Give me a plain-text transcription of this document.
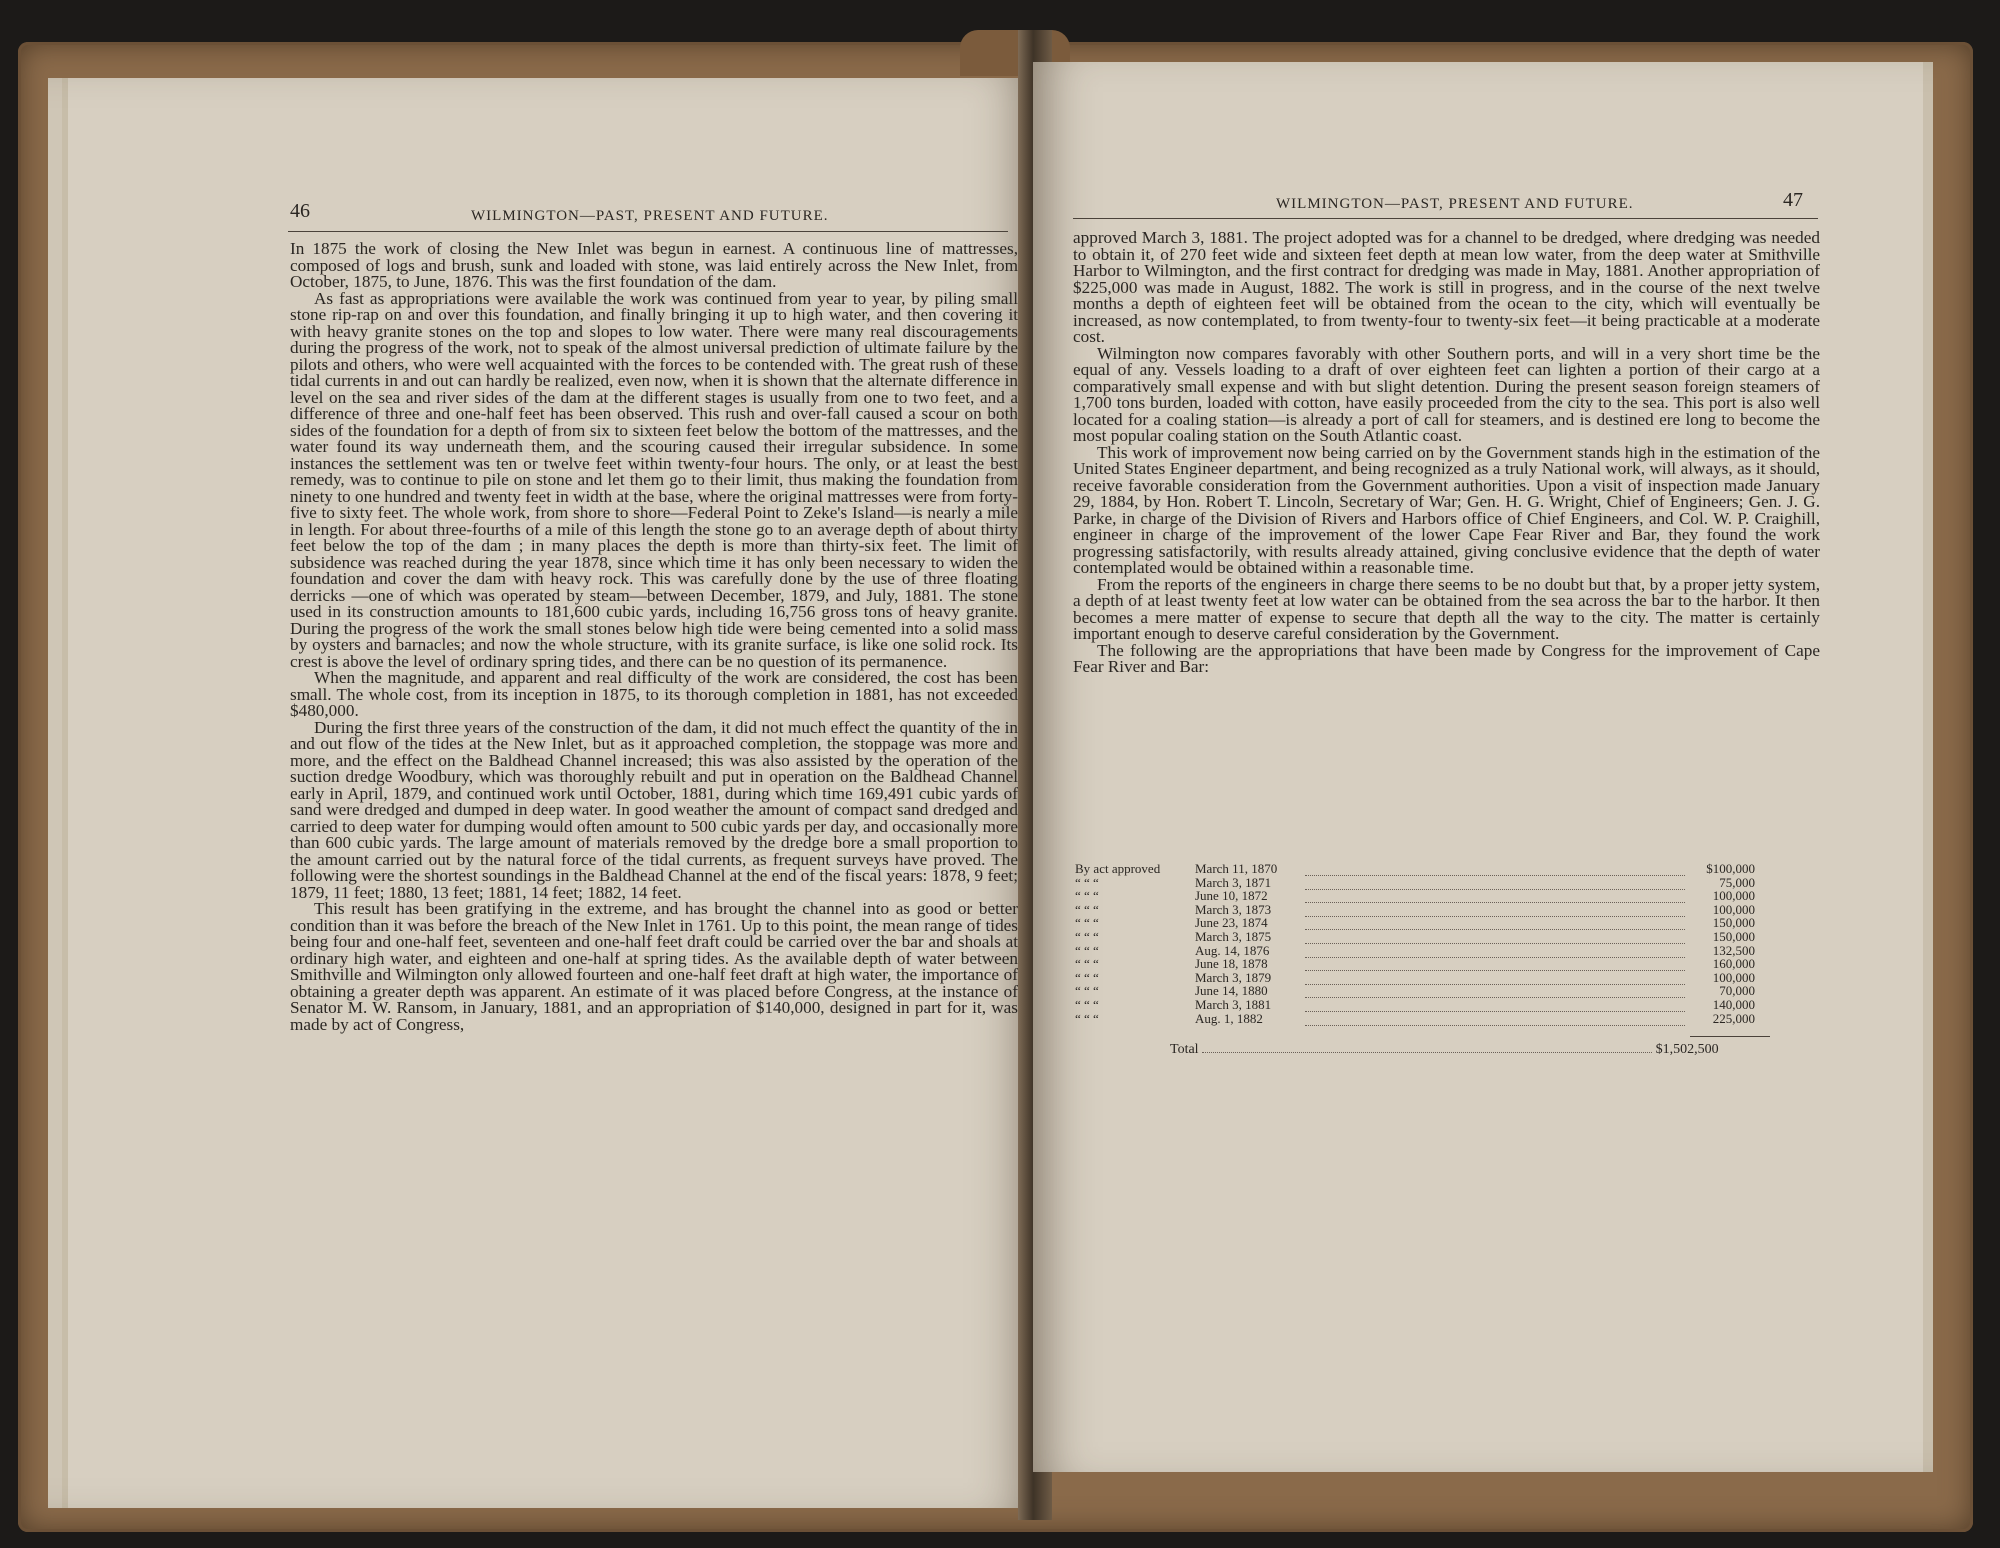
46	WILMINGTON—PAST, PRESENT AND FUTURE.

In 1875 the work of closing the New Inlet was begun in earnest. A continuous line of mattresses, composed of logs and brush, sunk and loaded with stone, was laid entirely across the New Inlet, from October, 1875, to June, 1876. This was the first foundation of the dam.

As fast as appropriations were available the work was continued from year to year, by piling small stone rip-rap on and over this foundation, and finally bringing it up to high water, and then covering it with heavy granite stones on the top and slopes to low water. There were many real discouragements during the progress of the work, not to speak of the almost universal prediction of ultimate failure by the pilots and others, who were well acquainted with the forces to be contended with. The great rush of these tidal currents in and out can hardly be realized, even now, when it is shown that the alternate difference in level on the sea and river sides of the dam at the different stages is usually from one to two feet, and a difference of three and one-half feet has been observed. This rush and over-fall caused a scour on both sides of the foundation for a depth of from six to sixteen feet below the bottom of the mattresses, and the water found its way underneath them, and the scouring caused their irregular subsidence. In some instances the settlement was ten or twelve feet within twenty-four hours. The only, or at least the best remedy, was to continue to pile on stone and let them go to their limit, thus making the foundation from ninety to one hundred and twenty feet in width at the base, where the original mattresses were from forty-five to sixty feet. The whole work, from shore to shore—Federal Point to Zeke's Island—is nearly a mile in length. For about three-fourths of a mile of this length the stone go to an average depth of about thirty feet below the top of the dam ; in many places the depth is more than thirty-six feet. The limit of subsidence was reached during the year 1878, since which time it has only been necessary to widen the foundation and cover the dam with heavy rock. This was carefully done by the use of three floating derricks —one of which was operated by steam—between December, 1879, and July, 1881. The stone used in its construction amounts to 181,600 cubic yards, including 16,756 gross tons of heavy granite. During the progress of the work the small stones below high tide were being cemented into a solid mass by oysters and barnacles; and now the whole structure, with its granite surface, is like one solid rock. Its crest is above the level of ordinary spring tides, and there can be no question of its permanence.

When the magnitude, and apparent and real difficulty of the work are considered, the cost has been small. The whole cost, from its inception in 1875, to its thorough completion in 1881, has not exceeded $480,000.

During the first three years of the construction of the dam, it did not much effect the quantity of the in and out flow of the tides at the New Inlet, but as it approached completion, the stoppage was more and more, and the effect on the Baldhead Channel increased; this was also assisted by the operation of the suction dredge Woodbury, which was thoroughly rebuilt and put in operation on the Baldhead Channel early in April, 1879, and continued work until October, 1881, during which time 169,491 cubic yards of sand were dredged and dumped in deep water. In good weather the amount of compact sand dredged and carried to deep water for dumping would often amount to 500 cubic yards per day, and occasionally more than 600 cubic yards. The large amount of materials removed by the dredge bore a small proportion to the amount carried out by the natural force of the tidal currents, as frequent surveys have proved. The following were the shortest soundings in the Baldhead Channel at the end of the fiscal years: 1878, 9 feet; 1879, 11 feet; 1880, 13 feet; 1881, 14 feet; 1882, 14 feet.

This result has been gratifying in the extreme, and has brought the channel into as good or better condition than it was before the breach of the New Inlet in 1761. Up to this point, the mean range of tides being four and one-half feet, seventeen and one-half feet draft could be carried over the bar and shoals at ordinary high water, and eighteen and one-half at spring tides. As the available depth of water between Smithville and Wilmington only allowed fourteen and one-half feet draft at high water, the importance of obtaining a greater depth was apparent. An estimate of it was placed before Congress, at the instance of Senator M. W. Ransom, in January, 1881, and an appropriation of $140,000, designed in part for it, was made by act of Congress,

WILMINGTON—PAST, PRESENT AND FUTURE.	47

approved March 3, 1881. The project adopted was for a channel to be dredged, where dredging was needed to obtain it, of 270 feet wide and sixteen feet depth at mean low water, from the deep water at Smithville Harbor to Wilmington, and the first contract for dredging was made in May, 1881. Another appropriation of $225,000 was made in August, 1882. The work is still in progress, and in the course of the next twelve months a depth of eighteen feet will be obtained from the ocean to the city, which will eventually be increased, as now contemplated, to from twenty-four to twenty-six feet—it being practicable at a moderate cost.

Wilmington now compares favorably with other Southern ports, and will in a very short time be the equal of any. Vessels loading to a draft of over eighteen feet can lighten a portion of their cargo at a comparatively small expense and with but slight detention. During the present season foreign steamers of 1,700 tons burden, loaded with cotton, have easily proceeded from the city to the sea. This port is also well located for a coaling station—is already a port of call for steamers, and is destined ere long to become the most popular coaling station on the South Atlantic coast.

This work of improvement now being carried on by the Government stands high in the estimation of the United States Engineer department, and being recognized as a truly National work, will always, as it should, receive favorable consideration from the Government authorities. Upon a visit of inspection made January 29, 1884, by Hon. Robert T. Lincoln, Secretary of War; Gen. H. G. Wright, Chief of Engineers; Gen. J. G. Parke, in charge of the Division of Rivers and Harbors office of Chief Engineers, and Col. W. P. Craighill, engineer in charge of the improvement of the lower Cape Fear River and Bar, they found the work progressing satisfactorily, with results already attained, giving conclusive evidence that the depth of water contemplated would be obtained within a reasonable time.

From the reports of the engineers in charge there seems to be no doubt but that, by a proper jetty system, a depth of at least twenty feet at low water can be obtained from the sea across the bar to the harbor. It then becomes a mere matter of expense to secure that depth all the way to the city. The matter is certainly important enough to deserve careful consideration by the Government.

The following are the appropriations that have been made by Congress for the improvement of Cape Fear River and Bar:

By act approved	March 11, 1870		$100,000
“ “ “	March 3, 1871		75,000
“ “ “	June 10, 1872		100,000
“ “ “	March 3, 1873		100,000
“ “ “	June 23, 1874		150,000
“ “ “	March 3, 1875		150,000
“ “ “	Aug. 14, 1876		132,500
“ “ “	June 18, 1878		160,000
“ “ “	March 3, 1879		100,000
“ “ “	June 14, 1880		70,000
“ “ “	March 3, 1881		140,000
“ “ “	Aug. 1, 1882		225,000
Total	$1,502,500
